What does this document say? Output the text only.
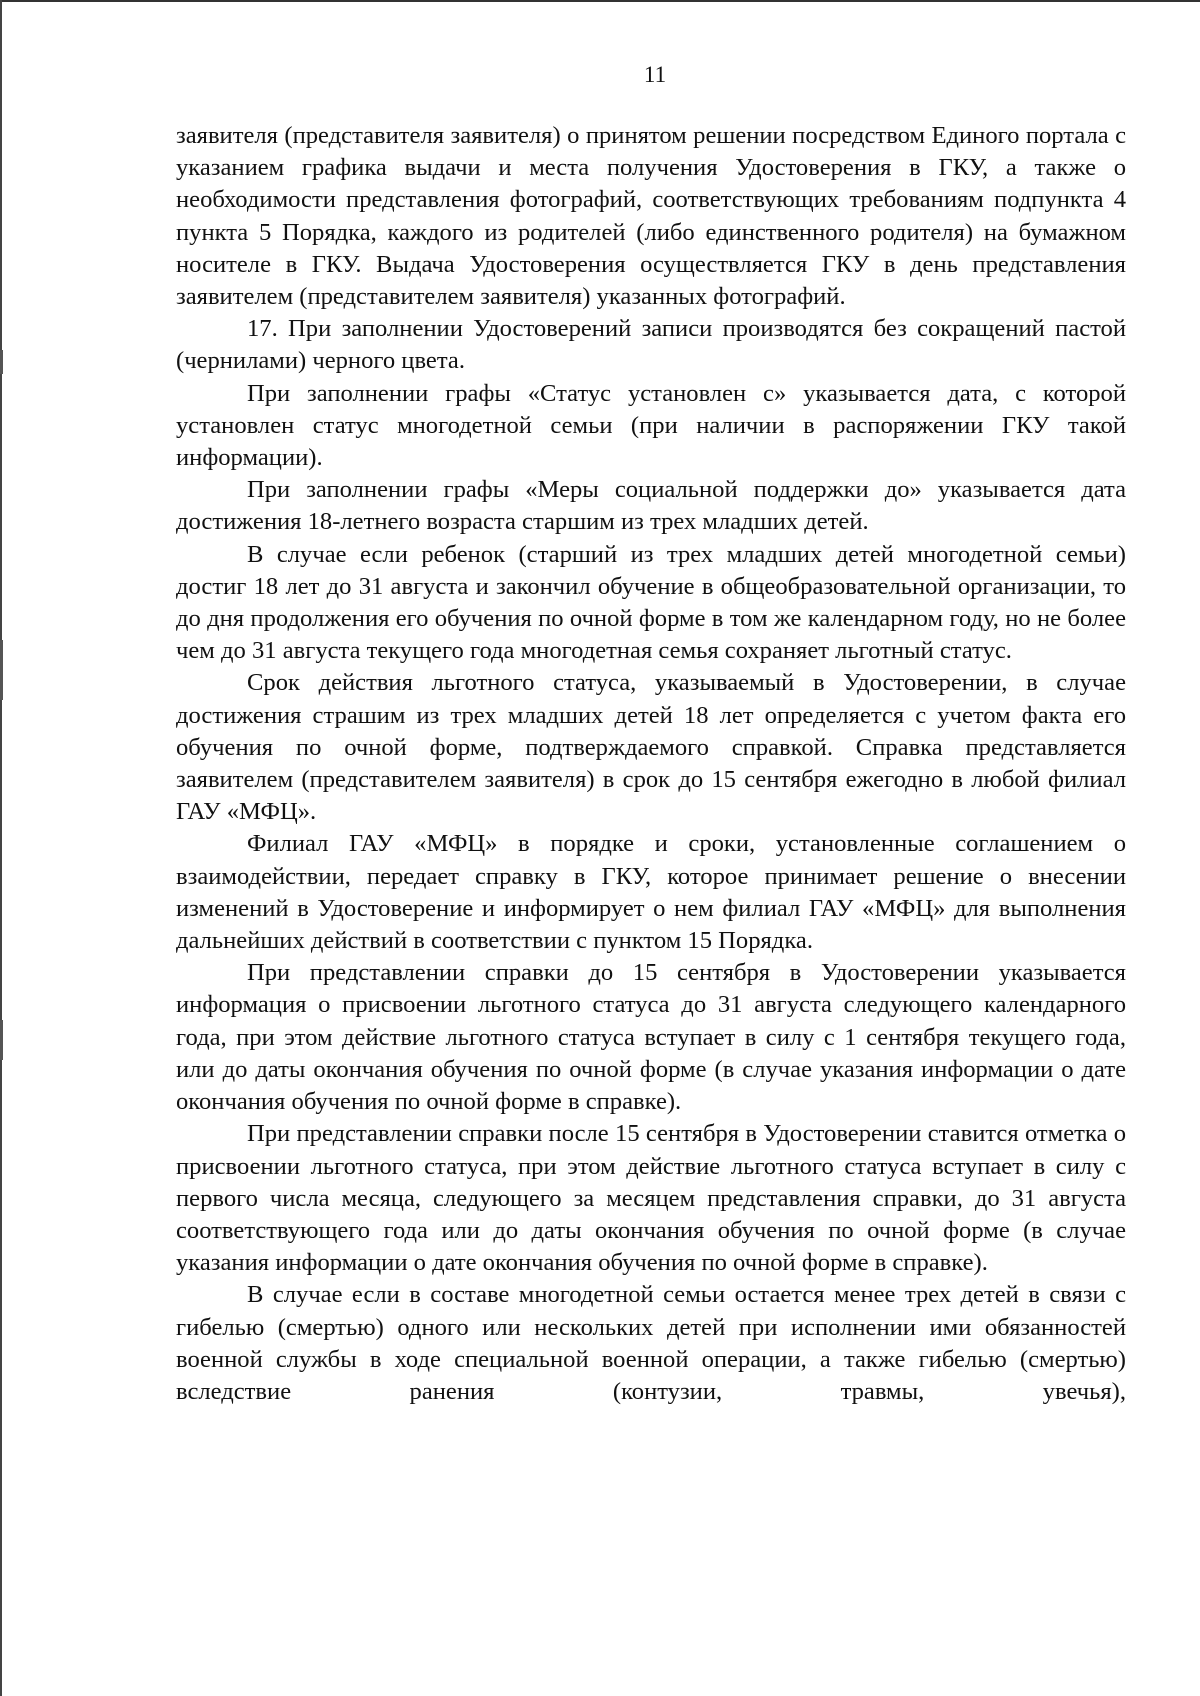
11

заявителя (представителя заявителя) о принятом решении посредством Единого портала с указанием графика выдачи и места получения Удостоверения в ГКУ, а также о необходимости представления фотографий, соответствующих требованиям подпункта 4 пункта 5 Порядка, каждого из родителей (либо единственного родителя) на бумажном носителе в ГКУ. Выдача Удостоверения осуществляется ГКУ в день представления заявителем (представителем заявителя) указанных фотографий.

17. При заполнении Удостоверений записи производятся без сокращений пастой (чернилами) черного цвета.

При заполнении графы «Статус установлен с» указывается дата, с которой установлен статус многодетной семьи (при наличии в распоряжении ГКУ такой информации).

При заполнении графы «Меры социальной поддержки до» указывается дата достижения 18-летнего возраста старшим из трех младших детей.

В случае если ребенок (старший из трех младших детей многодетной семьи) достиг 18 лет до 31 августа и закончил обучение в общеобразовательной организации, то до дня продолжения его обучения по очной форме в том же календарном году, но не более чем до 31 августа текущего года многодетная семья сохраняет льготный статус.

Срок действия льготного статуса, указываемый в Удостоверении, в случае достижения страшим из трех младших детей 18 лет определяется с учетом факта его обучения по очной форме, подтверждаемого справкой. Справка представляется заявителем (представителем заявителя) в срок до 15 сентября ежегодно в любой филиал ГАУ «МФЦ».

Филиал ГАУ «МФЦ» в порядке и сроки, установленные соглашением о взаимодействии, передает справку в ГКУ, которое принимает решение о внесении изменений в Удостоверение и информирует о нем филиал ГАУ «МФЦ» для выполнения дальнейших действий в соответствии с пунктом 15 Порядка.

При представлении справки до 15 сентября в Удостоверении указывается информация о присвоении льготного статуса до 31 августа следующего календарного года, при этом действие льготного статуса вступает в силу с 1 сентября текущего года, или до даты окончания обучения по очной форме (в случае указания информации о дате окончания обучения по очной форме в справке).

При представлении справки после 15 сентября в Удостоверении ставится отметка о присвоении льготного статуса, при этом действие льготного статуса вступает в силу с первого числа месяца, следующего за месяцем представления справки, до 31 августа соответствующего года или до даты окончания обучения по очной форме (в случае указания информации о дате окончания обучения по очной форме в справке).

В случае если в составе многодетной семьи остается менее трех детей в связи с гибелью (смертью) одного или нескольких детей при исполнении ими обязанностей военной службы в ходе специальной военной операции, а также гибелью (смертью) вследствие ранения (контузии, травмы, увечья),
